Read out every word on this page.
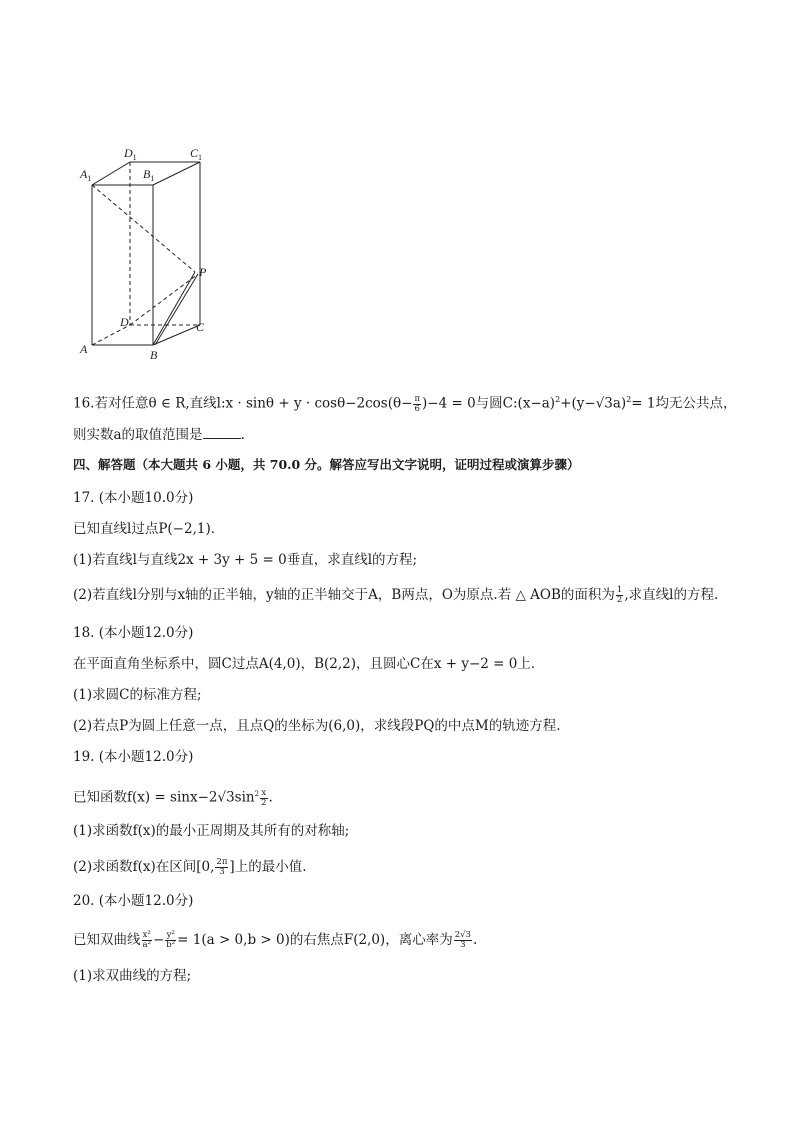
$D_1$	$C_1$
$A_1$	$B_1$
P
D	C
A	B
16.若对任意θ ∈ R,直线l:x · $\sin\theta + y \cdot \cos\theta-2\cos(\theta- \frac{\pi}{6} )-4 = 0$与圆$C:(x-a)^2+(y-√3a)^2= 1$均无公共点，
则实数a的取值范围是	.
四、解答题（本大题共 6 小题，共 70.0 分。解答应写出文字说明，证明过程或演算步骤）
17. (本小题10.0分)
已知直线l过点P(−2,1)．
(1)若直线l与直线2x + 3y + 5 = 0垂直，求直线l的方程;
(2)若直线l分别与x轴的正半轴，y轴的正半轴交于A，B两点，O为原点.若 △ AOB的面积为 $\frac{1}{2}$ ,求直线l的方程.
18. (本小题12.0分)
在平面直角坐标系中，圆C过点A(4,0)，B(2,2)，且圆心C在x + y−2 = 0上．
(1)求圆C的标准方程;
(2)若点P为圆上任意一点，且点Q的坐标为(6,0)，求线段PQ的中点M的轨迹方程.
19. (本小题12.0分)
已知函数$f(x) = \sin x-2√3\sin^2 \frac{x}{2}$ .
(1)求函数f(x)的最小正周期及其所有的对称轴;
(2)求函数f(x)在区间[0, $\frac{2\pi}{3}$ ]上的最小值.
20. (本小题12.0分)
已知双曲线 $\frac{\text{x²}}{\text{a²}} - \frac{\text{y²}}{\text{b²}} = 1(a > 0,b > 0)$的右焦点F(2,0)，离心率为 $\frac{2√3}{3}$ .
(1)求双曲线的方程;
